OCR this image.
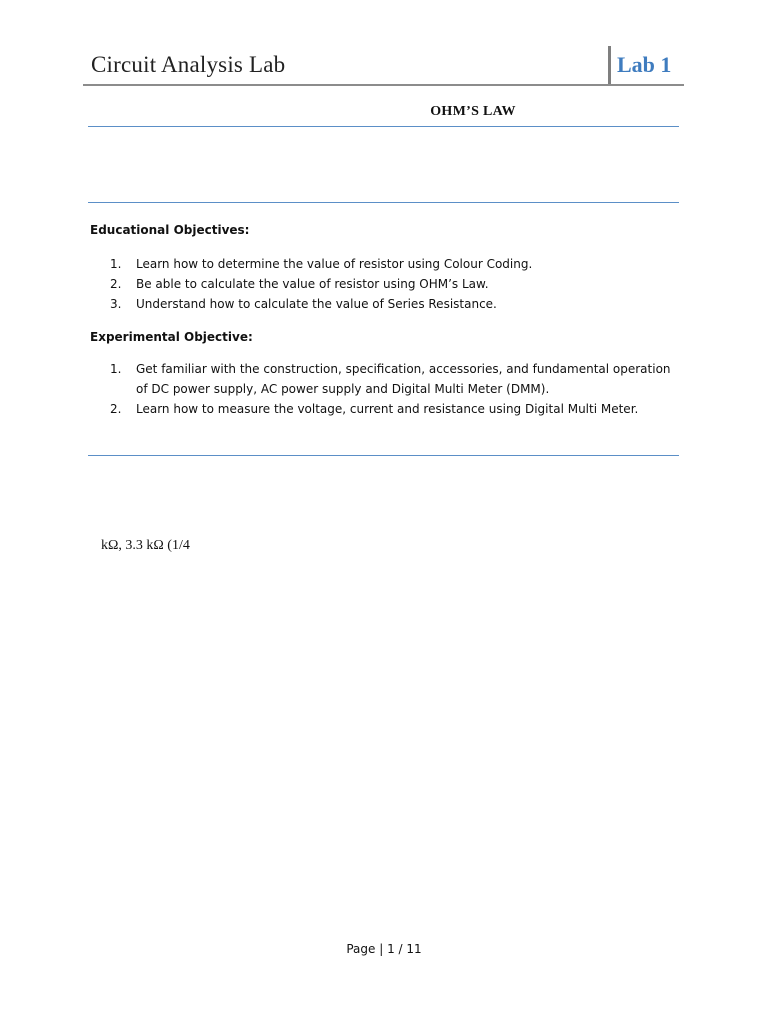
Circuit Analysis Lab	Lab 1
OHM’S LAW

Educational Objectives:

1. Learn how to determine the value of resistor using Colour Coding.
2. Be able to calculate the value of resistor using OHM’s Law.
3. Understand how to calculate the value of Series Resistance.

Experimental Objective:

1. Get familiar with the construction, specification, accessories, and fundamental operation of DC power supply, AC power supply and Digital Multi Meter (DMM).
2. Learn how to measure the voltage, current and resistance using Digital Multi Meter.
kΩ, 3.3 kΩ (1/4
Page | 1 / 11
